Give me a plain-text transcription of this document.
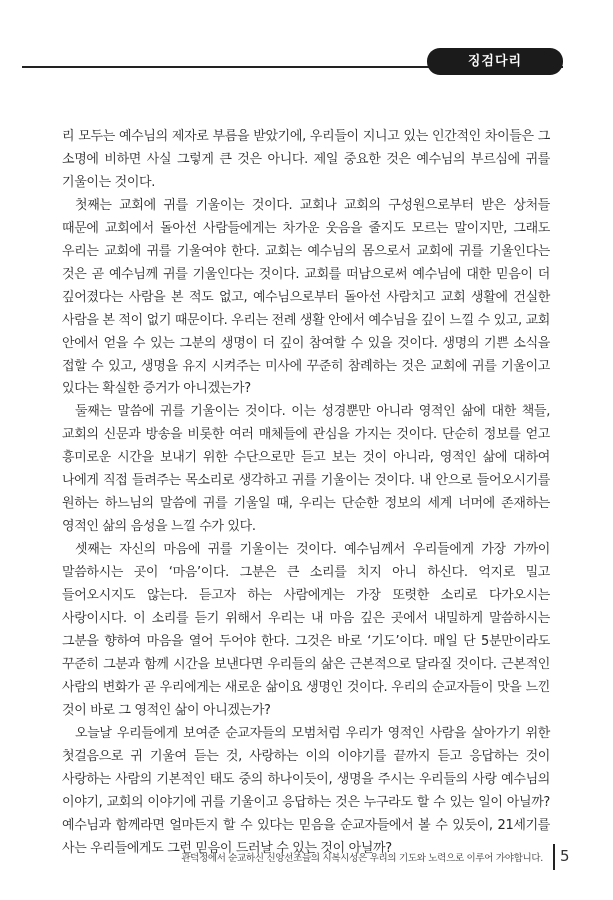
징검다리

리 모두는 예수님의 제자로 부름을 받았기에, 우리들이 지니고 있는 인간적인 차이들은 그 소명에 비하면 사실 그렇게 큰 것은 아니다. 제일 중요한 것은 예수님의 부르심에 귀를 기울이는 것이다.

첫째는 교회에 귀를 기울이는 것이다. 교회나 교회의 구성원으로부터 받은 상처들 때문에 교회에서 돌아선 사람들에게는 차가운 웃음을 줄지도 모르는 말이지만, 그래도 우리는 교회에 귀를 기울여야 한다. 교회는 예수님의 몸으로서 교회에 귀를 기울인다는 것은 곧 예수님께 귀를 기울인다는 것이다. 교회를 떠남으로써 예수님에 대한 믿음이 더 깊어졌다는 사람을 본 적도 없고, 예수님으로부터 돌아선 사람치고 교회 생활에 건실한 사람을 본 적이 없기 때문이다. 우리는 전례 생활 안에서 예수님을 깊이 느낄 수 있고, 교회 안에서 얻을 수 있는 그분의 생명이 더 깊이 참여할 수 있을 것이다. 생명의 기쁜 소식을 접할 수 있고, 생명을 유지 시켜주는 미사에 꾸준히 참례하는 것은 교회에 귀를 기울이고 있다는 확실한 증거가 아니겠는가?

둘째는 말씀에 귀를 기울이는 것이다. 이는 성경뿐만 아니라 영적인 삶에 대한 책들, 교회의 신문과 방송을 비롯한 여러 매체들에 관심을 가지는 것이다. 단순히 정보를 얻고 흥미로운 시간을 보내기 위한 수단으로만 듣고 보는 것이 아니라, 영적인 삶에 대하여 나에게 직접 들려주는 목소리로 생각하고 귀를 기울이는 것이다. 내 안으로 들어오시기를 원하는 하느님의 말씀에 귀를 기울일 때, 우리는 단순한 정보의 세계 너머에 존재하는 영적인 삶의 음성을 느낄 수가 있다.

셋째는 자신의 마음에 귀를 기울이는 것이다. 예수님께서 우리들에게 가장 가까이 말씀하시는 곳이 ‘마음’이다. 그분은 큰 소리를 치지 아니 하신다. 억지로 밀고 들어오시지도 않는다. 듣고자 하는 사람에게는 가장 또렷한 소리로 다가오시는 사랑이시다. 이 소리를 듣기 위해서 우리는 내 마음 깊은 곳에서 내밀하게 말씀하시는 그분을 향하여 마음을 열어 두어야 한다. 그것은 바로 ‘기도’이다. 매일 단 5분만이라도 꾸준히 그분과 함께 시간을 보낸다면 우리들의 삶은 근본적으로 달라질 것이다. 근본적인 사람의 변화가 곧 우리에게는 새로운 삶이요 생명인 것이다. 우리의 순교자들이 맛을 느낀 것이 바로 그 영적인 삶이 아니겠는가?

오늘날 우리들에게 보여준 순교자들의 모범처럼 우리가 영적인 사람을 살아가기 위한 첫걸음으로 귀 기울여 듣는 것, 사랑하는 이의 이야기를 끝까지 듣고 응답하는 것이 사랑하는 사람의 기본적인 태도 중의 하나이듯이, 생명을 주시는 우리들의 사랑 예수님의 이야기, 교회의 이야기에 귀를 기울이고 응답하는 것은 누구라도 할 수 있는 일이 아닐까? 예수님과 함께라면 얼마든지 할 수 있다는 믿음을 순교자들에서 볼 수 있듯이, 21세기를 사는 우리들에게도 그런 믿음이 드러날 수 있는 것이 아닐까?

관덕정에서 순교하신 신앙선조들의 시복시성은 우리의 기도와 노력으로 이루어 가야합니다. 5
